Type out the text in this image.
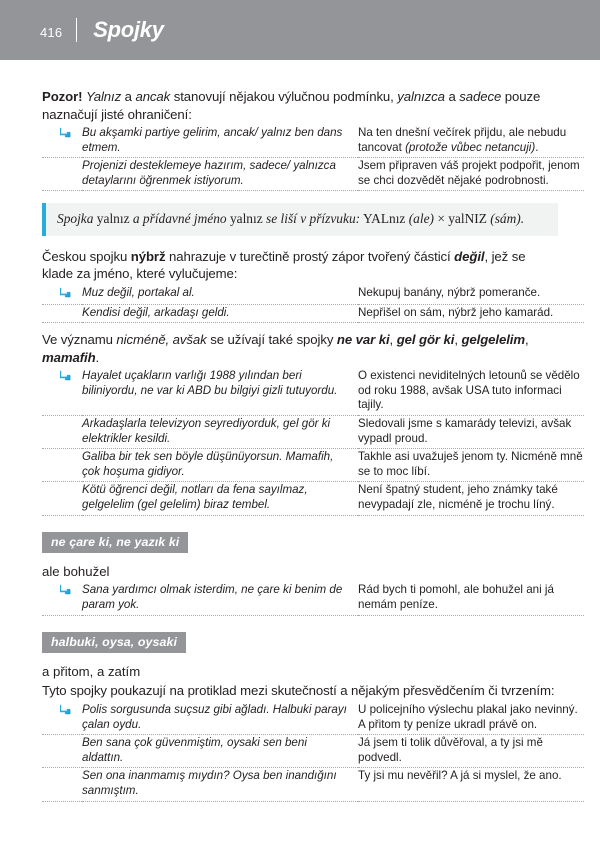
416 Spojky

Pozor! Yalnız a ancak stanovují nějakou výlučnou podmínku, yalnızca a sadece pouze naznačují jisté ohraničení:

	Bu akşamki partiye gelirim, ancak/ yalnız ben dans etmem.	Na ten dnešní večírek přijdu, ale nebudu tancovat (protože vůbec netancuji).
	Projenizi desteklemeye hazırım, sadece/ yalnızca detaylarını öğrenmek istiyorum.	Jsem připraven váš projekt podpořit, jenom se chci dozvědět nějaké podrobnosti.
Spojka yalnız a přídavné jméno yalnız se liší v přízvuku: YALnız (ale) × yalNIZ (sám).

Českou spojku nýbrž nahrazuje v turečtině prostý zápor tvořený částicí değil, jež se klade za jméno, které vylučujeme:

	Muz değil, portakal al.	Nekupuj banány, nýbrž pomeranče.
	Kendisi değil, arkadaşı geldi.	Nepřišel on sám, nýbrž jeho kamarád.

Ve významu nicméně, avšak se užívají také spojky ne var ki, gel gör ki, gelgelelim, mamafih.

	Hayalet uçakların varlığı 1988 yılından beri biliniyordu, ne var ki ABD bu bilgiyi gizli tutuyordu.	O existenci neviditelných letounů se vědělo od roku 1988, avšak USA tuto informaci tajily.
	Arkadaşlarla televizyon seyrediyorduk, gel gör ki elektrikler kesildi.	Sledovali jsme s kamarády televizi, avšak vypadl proud.
	Galiba bir tek sen böyle düşünüyorsun. Mamafih, çok hoşuma gidiyor.	Takhle asi uvažuješ jenom ty. Nicméně mně se to moc líbí.
	Kötü öğrenci değil, notları da fena sayılmaz, gelgelelim (gel gelelim) biraz tembel.	Není špatný student, jeho známky také nevypadají zle, nicméně je trochu líný.
ne çare ki, ne yazık ki

ale bohužel

	Sana yardımcı olmak isterdim, ne çare ki benim de param yok.	Rád bych ti pomohl, ale bohužel ani já nemám peníze.
halbuki, oysa, oysaki

a přitom, a zatím

Tyto spojky poukazují na protiklad mezi skutečností a nějakým přesvědčením či tvrzením:

	Polis sorgusunda suçsuz gibi ağladı. Halbuki parayı çalan oydu.	U policejního výslechu plakal jako nevinný. A přitom ty peníze ukradl právě on.
	Ben sana çok güvenmiştim, oysaki sen beni aldattın.	Já jsem ti tolik důvěřoval, a ty jsi mě podvedl.
	Sen ona inanmamış mıydın? Oysa ben inandığını sanmıştım.	Ty jsi mu nevěřil? A já si myslel, že ano.
